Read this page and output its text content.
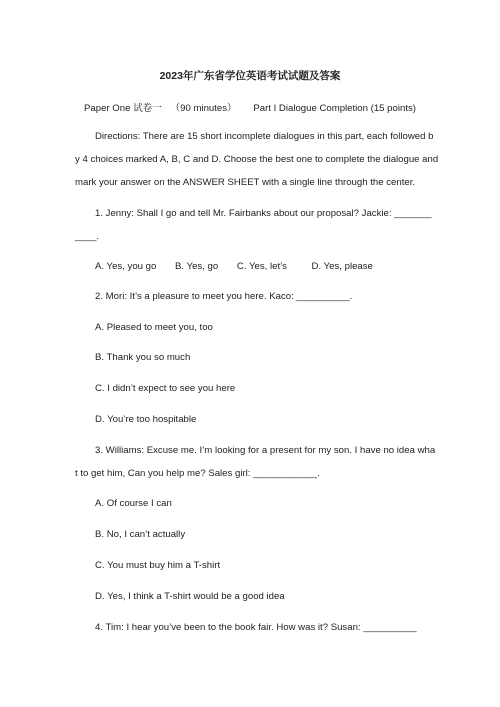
2023年广东省学位英语考试试题及答案
Paper One 试卷一 （90 minutes） Part I Dialogue Completion (15 points)
Directions: There are 15 short incomplete dialogues in this part, each followed b
y 4 choices marked A, B, C and D. Choose the best one to complete the dialogue and
mark your answer on the ANSWER SHEET with a single line through the center.
1. Jenny: Shall I go and tell Mr. Fairbanks about our proposal? Jackie: _______
____.
A. Yes, you go B. Yes, go C. Yes, let’s	D. Yes, please
2. Mori: It’s a pleasure to meet you here. Kaco: __________.
A. Pleased to meet you, too
B. Thank you so much
C. I didn’t expect to see you here
D. You’re too hospitable
3. Williams: Excuse me. I’m looking for a present for my son. I have no idea wha
t to get him, Can you help me? Sales girl: ____________.
A. Of course I can
B. No, I can’t actually
C. You must buy him a T-shirt
D. Yes, I think a T-shirt would be a good idea
4. Tim: I hear you’ve been to the book fair. How was it? Susan: __________
